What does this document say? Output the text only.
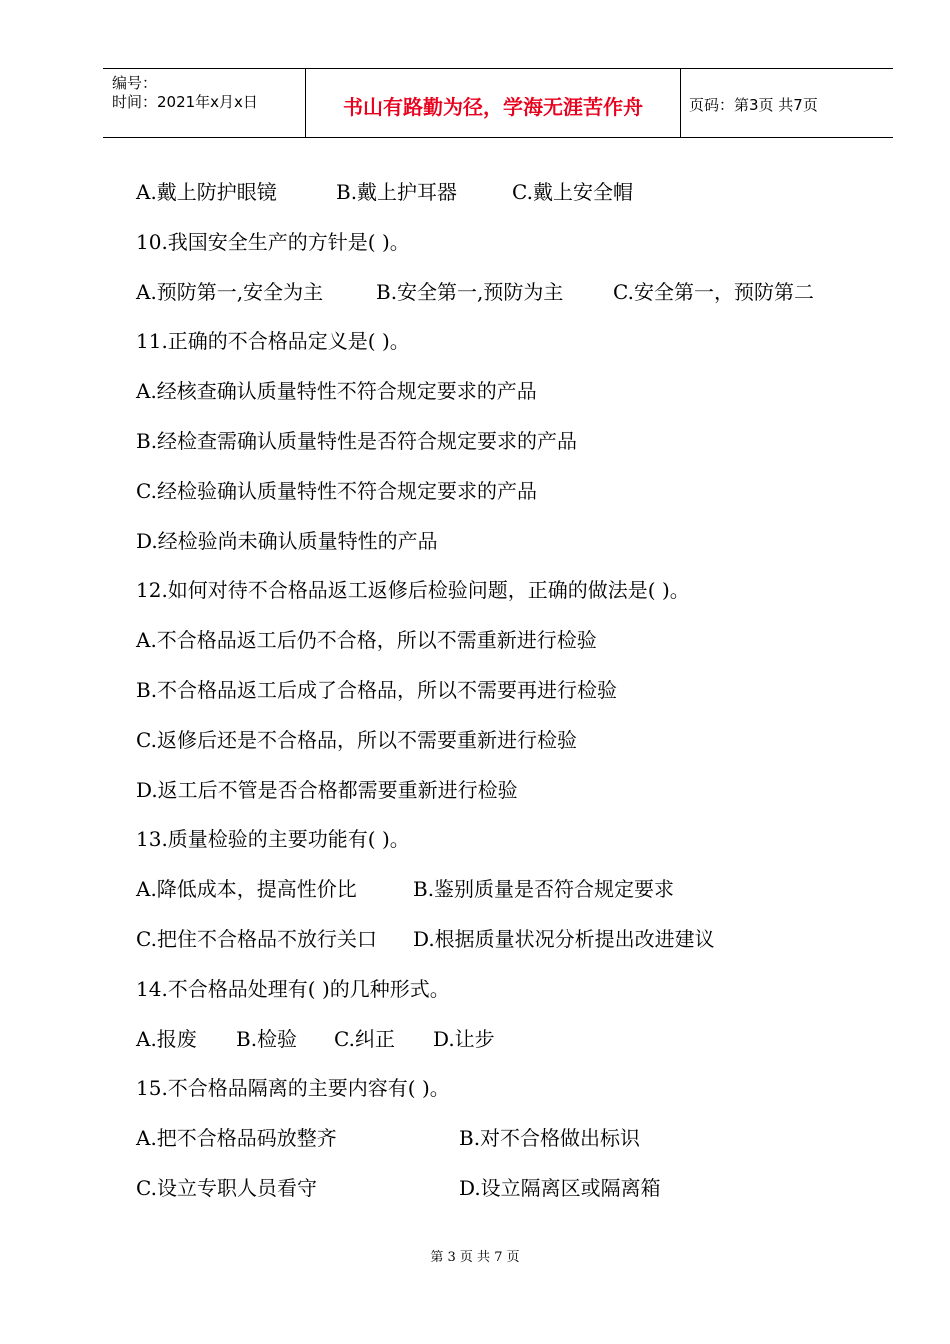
编号：
时间：2021年x月x日	书山有路勤为径，学海无涯苦作舟	页码：第3页 共7页
A.戴上防护眼镜	B.戴上护耳器	C.戴上安全帽
10.我国安全生产的方针是( )。
A.预防第一,安全为主	B.安全第一,预防为主 C.安全第一，预防第二
11.正确的不合格品定义是( )。
A.经核查确认质量特性不符合规定要求的产品
B.经检查需确认质量特性是否符合规定要求的产品
C.经检验确认质量特性不符合规定要求的产品
D.经检验尚未确认质量特性的产品
12.如何对待不合格品返工返修后检验问题，正确的做法是( )。
A.不合格品返工后仍不合格，所以不需重新进行检验
B.不合格品返工后成了合格品，所以不需要再进行检验
C.返修后还是不合格品，所以不需要重新进行检验
D.返工后不管是否合格都需要重新进行检验
13.质量检验的主要功能有( )。
A.降低成本，提高性价比	B.鉴别质量是否符合规定要求
C.把住不合格品不放行关口 D.根据质量状况分析提出改进建议
14.不合格品处理有( )的几种形式。
A.报废 B.检验 C.纠正 D.让步
15.不合格品隔离的主要内容有( )。
A.把不合格品码放整齐	B.对不合格做出标识
C.设立专职人员看守	D.设立隔离区或隔离箱
第 3 页 共 7 页
